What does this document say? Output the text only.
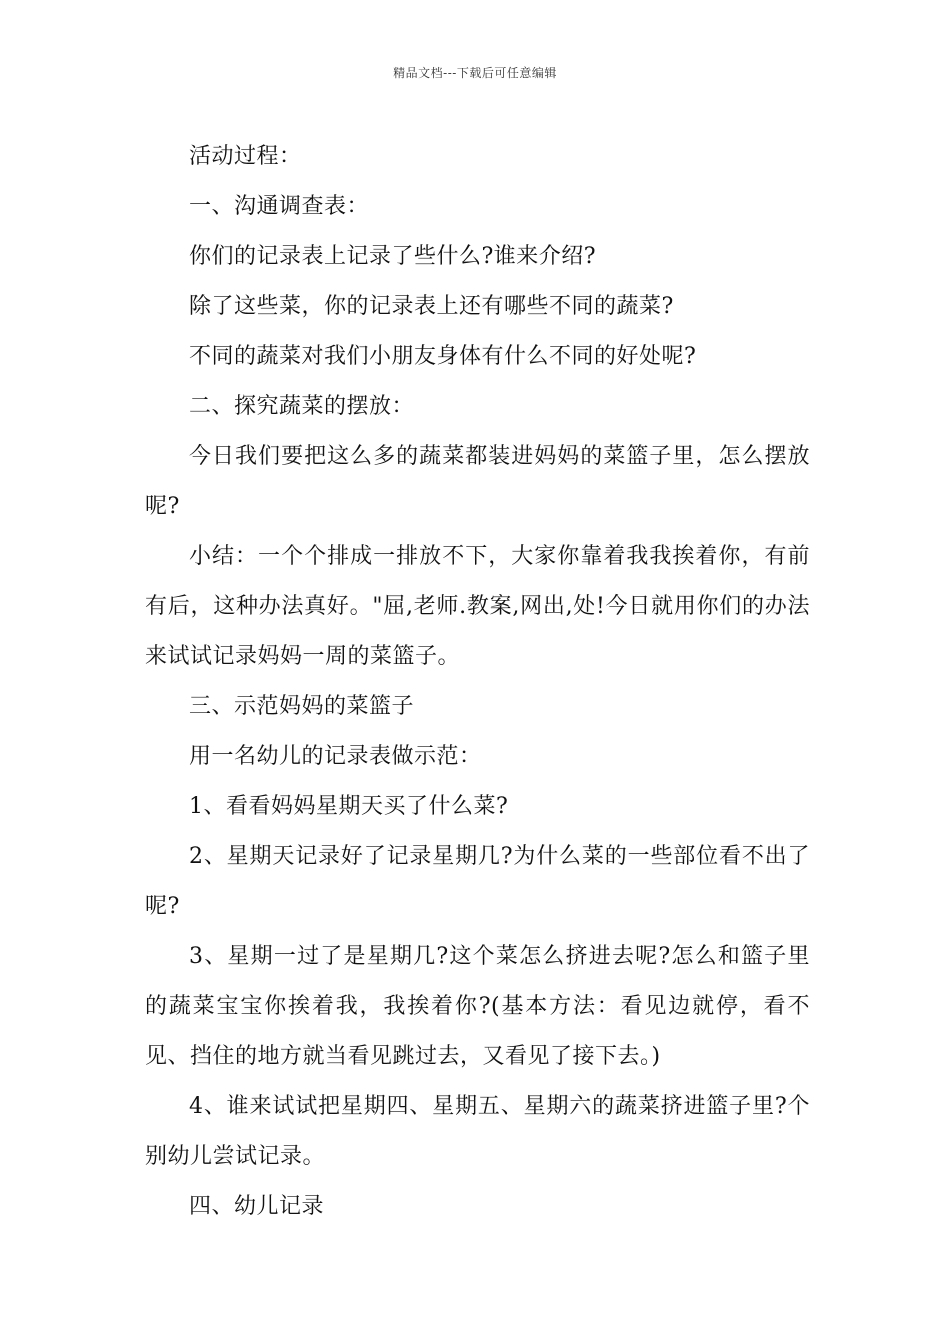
精品文档---下载后可任意编辑

活动过程：

一、沟通调查表：

你们的记录表上记录了些什么?谁来介绍?

除了这些菜，你的记录表上还有哪些不同的蔬菜?

不同的蔬菜对我们小朋友身体有什么不同的好处呢?

二、探究蔬菜的摆放：

今日我们要把这么多的蔬菜都装进妈妈的菜篮子里，怎么摆放呢?

小结：一个个排成一排放不下，大家你靠着我我挨着你，有前有后，这种办法真好。"屈,老师.教案,网出,处!今日就用你们的办法来试试记录妈妈一周的菜篮子。

三、示范妈妈的菜篮子

用一名幼儿的记录表做示范：

1、看看妈妈星期天买了什么菜?

2、星期天记录好了记录星期几?为什么菜的一些部位看不出了呢?

3、星期一过了是星期几?这个菜怎么挤进去呢?怎么和篮子里的蔬菜宝宝你挨着我，我挨着你?(基本方法：看见边就停，看不见、挡住的地方就当看见跳过去，又看见了接下去。)

4、谁来试试把星期四、星期五、星期六的蔬菜挤进篮子里?个别幼儿尝试记录。

四、幼儿记录
